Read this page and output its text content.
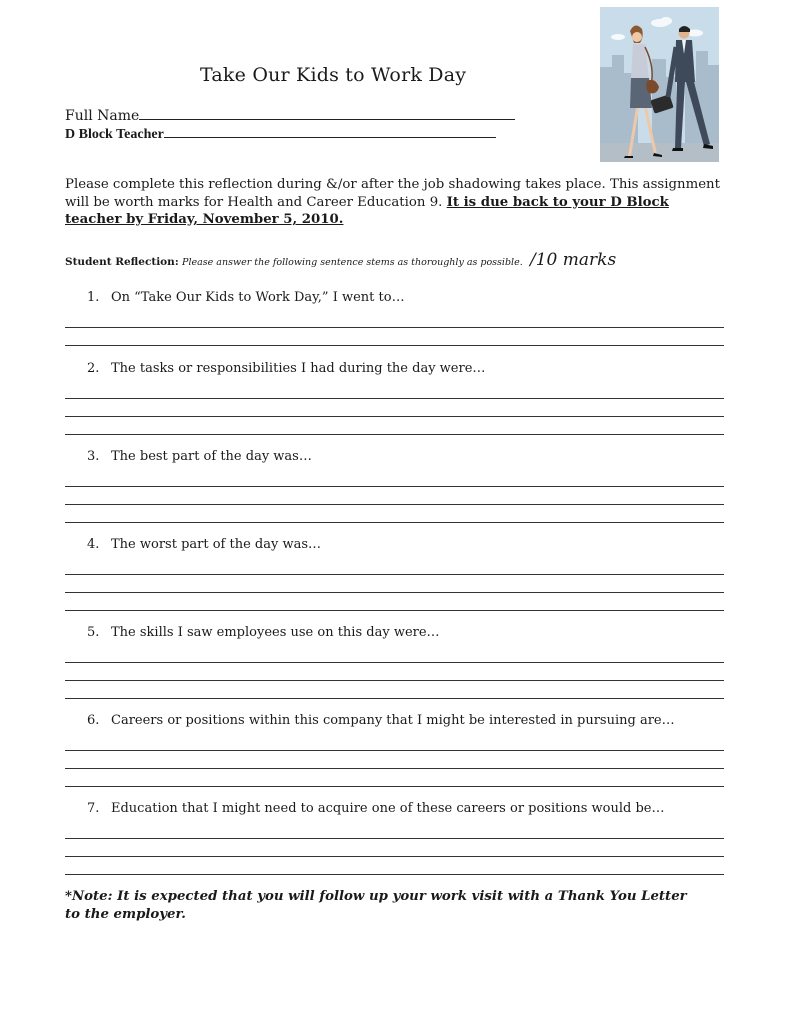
Take Our Kids to Work Day
Full Name
D Block Teacher
Please complete this reflection during &/or after the job shadowing takes place. This assignment will be worth marks for Health and Career Education 9. It is due back to your D Block teacher by Friday, November 5, 2010.
Student Reflection: Please answer the following sentence stems as thoroughly as possible. /10 marks
1. On “Take Our Kids to Work Day,” I went to…
2. The tasks or responsibilities I had during the day were…
3. The best part of the day was…
4. The worst part of the day was…
5. The skills I saw employees use on this day were…
6. Careers or positions within this company that I might be interested in pursuing are…
7. Education that I might need to acquire one of these careers or positions would be…
*Note: It is expected that you will follow up your work visit with a Thank You Letter to the employer.
